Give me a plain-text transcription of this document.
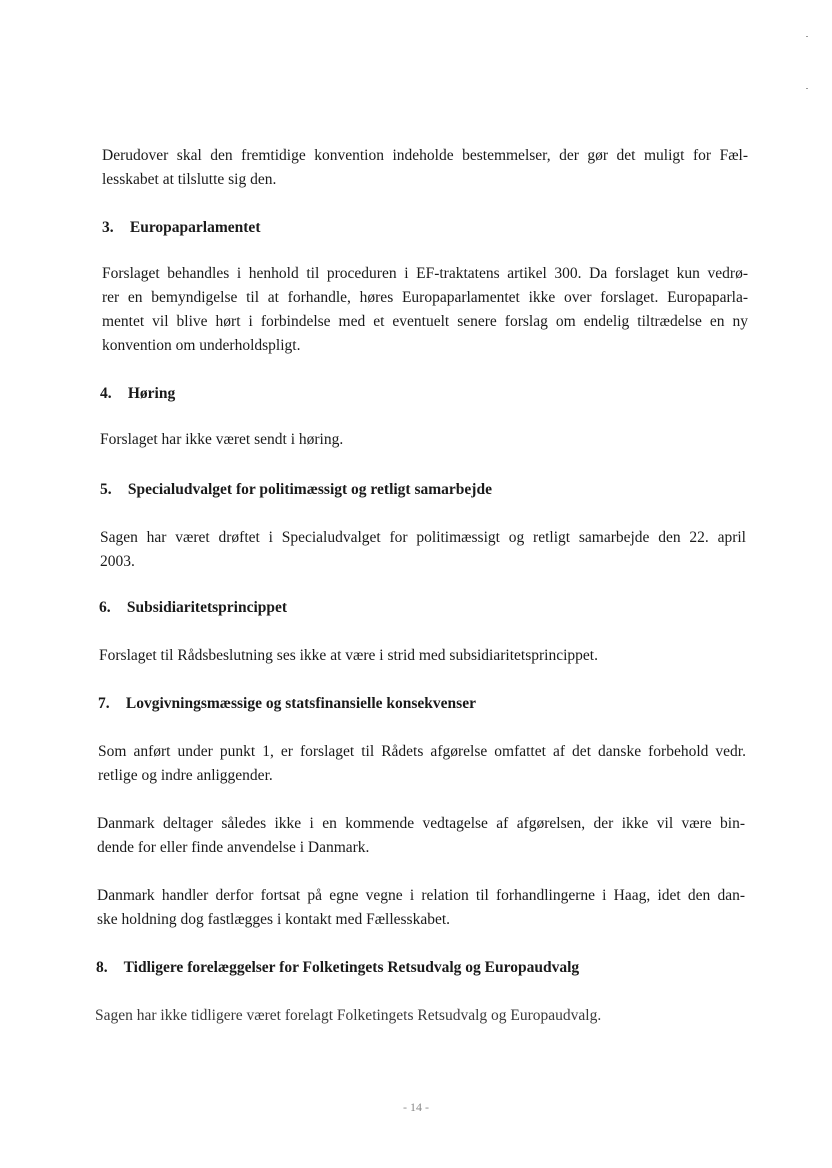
Derudover skal den fremtidige konvention indeholde bestemmelser, der gør det muligt for Fæl-
lesskabet at tilslutte sig den.

3. Europaparlamentet

Forslaget behandles i henhold til proceduren i EF-traktatens artikel 300. Da forslaget kun vedrø-
rer en bemyndigelse til at forhandle, høres Europaparlamentet ikke over forslaget. Europaparla-
mentet vil blive hørt i forbindelse med et eventuelt senere forslag om endelig tiltrædelse en ny
konvention om underholdspligt.

4. Høring

Forslaget har ikke været sendt i høring.

5. Specialudvalget for politimæssigt og retligt samarbejde

Sagen har været drøftet i Specialudvalget for politimæssigt og retligt samarbejde den 22. april
2003.

6. Subsidiaritetsprincippet

Forslaget til Rådsbeslutning ses ikke at være i strid med subsidiaritetsprincippet.

7. Lovgivningsmæssige og statsfinansielle konsekvenser

Som anført under punkt 1, er forslaget til Rådets afgørelse omfattet af det danske forbehold vedr.
retlige og indre anliggender.

Danmark deltager således ikke i en kommende vedtagelse af afgørelsen, der ikke vil være bin-
dende for eller finde anvendelse i Danmark.

Danmark handler derfor fortsat på egne vegne i relation til forhandlingerne i Haag, idet den dan-
ske holdning dog fastlægges i kontakt med Fællesskabet.

8. Tidligere forelæggelser for Folketingets Retsudvalg og Europaudvalg

Sagen har ikke tidligere været forelagt Folketingets Retsudvalg og Europaudvalg.

- 14 -
